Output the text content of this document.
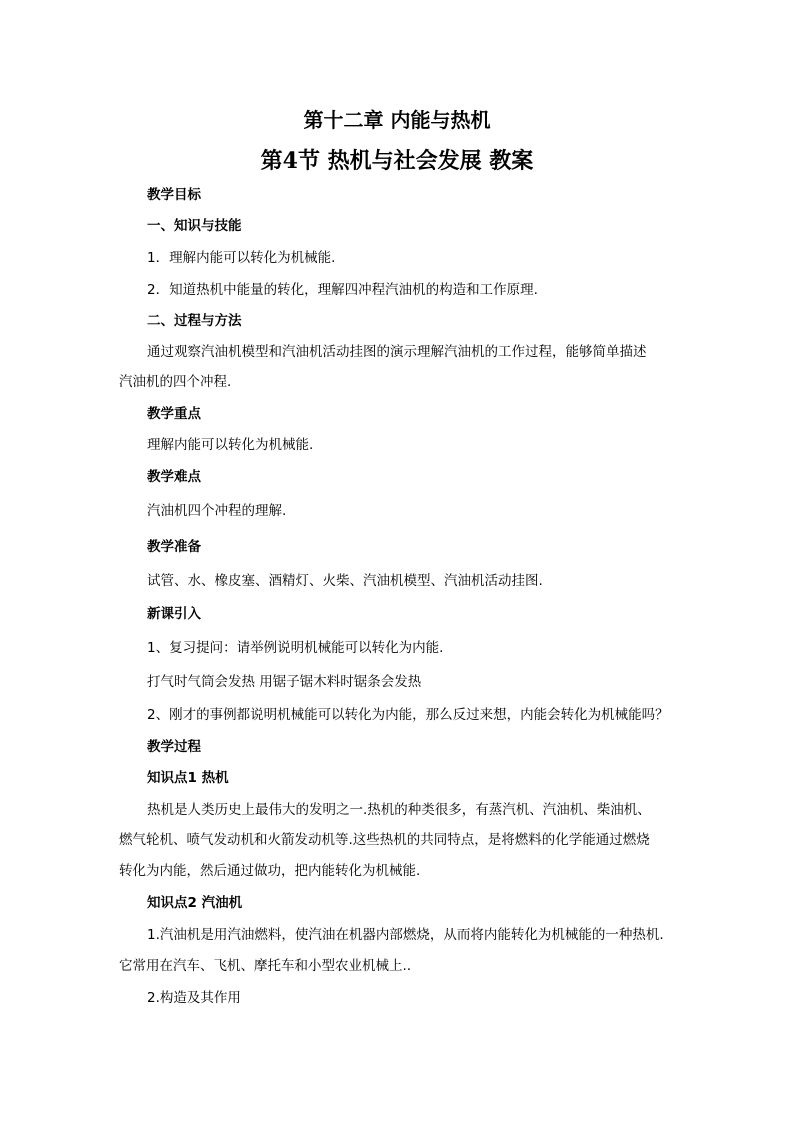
第十二章 内能与热机
第4节 热机与社会发展 教案
教学目标
一、知识与技能
1．理解内能可以转化为机械能.
2．知道热机中能量的转化，理解四冲程汽油机的构造和工作原理.
二、过程与方法
通过观察汽油机模型和汽油机活动挂图的演示理解汽油机的工作过程，能够简单描述
汽油机的四个冲程.
教学重点
理解内能可以转化为机械能.
教学难点
汽油机四个冲程的理解.
教学准备
试管、水、橡皮塞、酒精灯、火柴、汽油机模型、汽油机活动挂图.
新课引入
1、复习提问：请举例说明机械能可以转化为内能.
打气时气筒会发热 用锯子锯木料时锯条会发热
2、刚才的事例都说明机械能可以转化为内能，那么反过来想，内能会转化为机械能吗？
教学过程
知识点1 热机
热机是人类历史上最伟大的发明之一.热机的种类很多，有蒸汽机、汽油机、柴油机、
燃气轮机、喷气发动机和火箭发动机等.这些热机的共同特点，是将燃料的化学能通过燃烧
转化为内能，然后通过做功，把内能转化为机械能.
知识点2 汽油机
1.汽油机是用汽油燃料，使汽油在机器内部燃烧，从而将内能转化为机械能的一种热机.
它常用在汽车、飞机、摩托车和小型农业机械上..
2.构造及其作用
